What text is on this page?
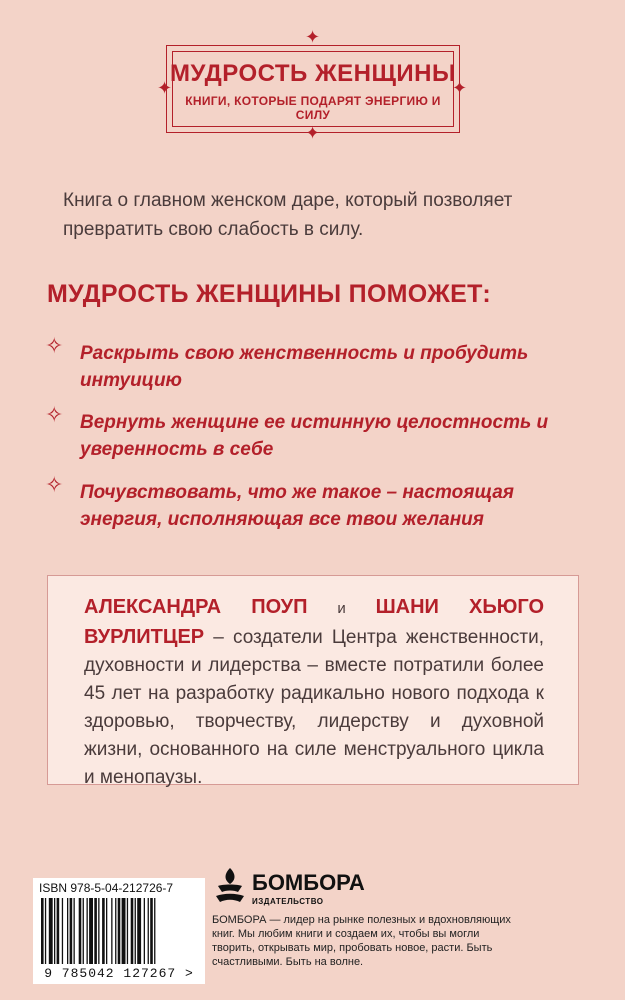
МУДРОСТЬ ЖЕНЩИНЫ
КНИГИ, КОТОРЫЕ ПОДАРЯТ ЭНЕРГИЮ И СИЛУ
✦
✦
✦	✦
Книга о главном женском даре, который позволяет превратить свою слабость в силу.
МУДРОСТЬ ЖЕНЩИНЫ ПОМОЖЕТ:
✧ Раскрыть свою женственность и пробудить интуицию
✧ Вернуть женщине ее истинную целостность и уверенность в себе
✧ Почувствовать, что же такое – настоящая энергия, исполняющая все твои желания
АЛЕКСАНДРА ПОУП и ШАНИ ХЬЮГО ВУРЛИТЦЕР – создатели Центра женственности, духовности и лидерства – вместе потратили более 45 лет на разработку радикально нового подхода к здоровью, творчеству, лидерству и духовной жизни, основанного на силе менструального цикла и менопаузы.
ISBN 978-5-04-212726-7
9 785042 127267 >
БОМБОРА
ИЗДАТЕЛЬСТВО
БОМБОРА — лидер на рынке полезных и вдохновляющих книг. Мы любим книги и создаем их, чтобы вы могли творить, открывать мир, пробовать новое, расти. Быть счастливыми. Быть на волне.
